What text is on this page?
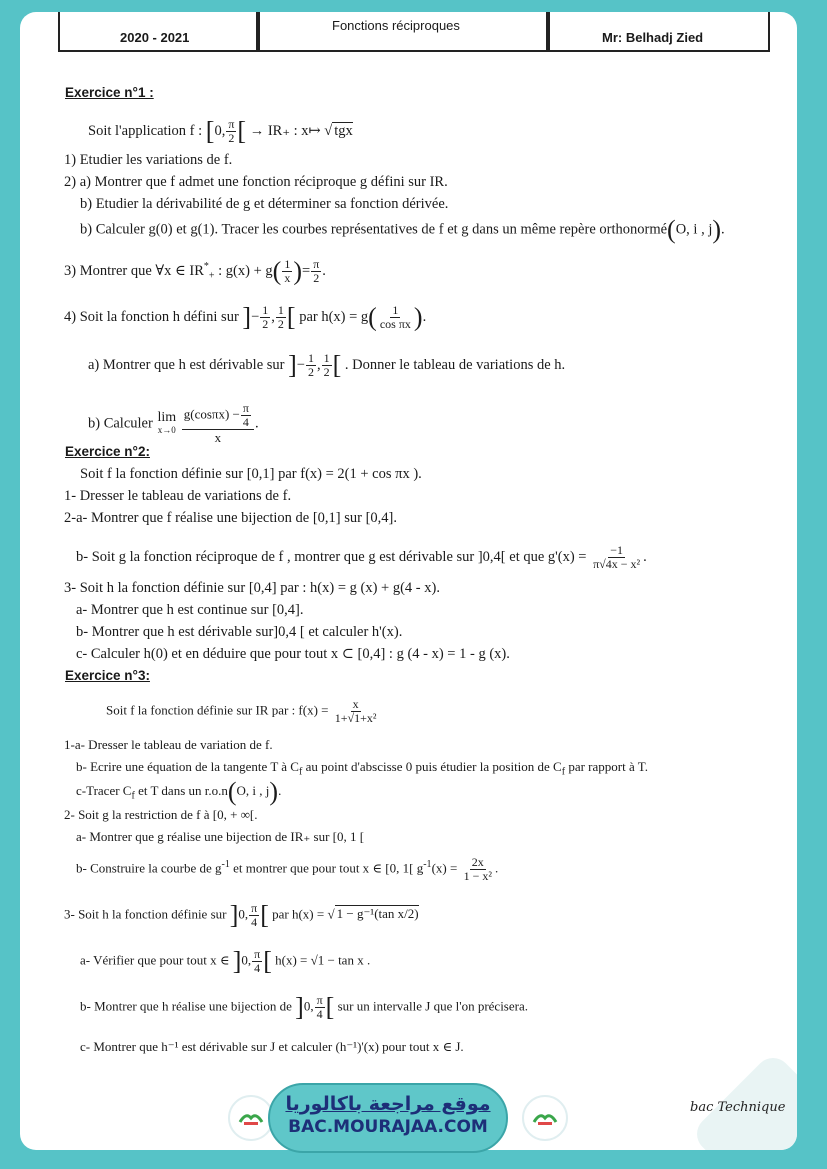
2020 - 2021
Fonctions réciproques
Mr: Belhadj Zied
Exercice n°1 :
Soit l'application f : [0, $\frac{\pi}{2}$ [ → IR₊ : x↦ √ tgx
1) Etudier les variations de f.
2) a) Montrer que f admet une fonction réciproque g défini sur IR.
b) Etudier la dérivabilité de g et déterminer sa fonction dérivée.
b) Calculer g(0) et g(1). Tracer les courbes représentatives de f et g dans un même repère orthonormé(O, i , j).
3) Montrer que ∀x ∈ $IR^*_+$ : $g(x) + g( \frac{1}{x}$ )= $\frac{\pi}{2}$ .
4) Soit la fonction h défini sur ]− $\frac{1}{2}$ , $\frac{1}{2}$ [ par $h(x) = g( \frac{1}{\text{cos πx}}$ ).
a) Montrer que h est dérivable sur ]− $\frac{1}{2}$ , $\frac{1}{2}$ [ . Donner le tableau de variations de h.
b) Calculer lim
x→0
$\frac{g(\cos\pi x) - \frac{\pi}{4}}{x}$ .
Exercice n°2:
Soit f la fonction définie sur [0,1] par f(x) = 2(1 + cos πx ).
1- Dresser le tableau de variations de f.
2-a- Montrer que f réalise une bijection de [0,1] sur [0,4].
b- Soit g la fonction réciproque de f , montrer que g est dérivable sur ]0,4[ et que $g'(x) = \frac{-1}{\text{π√4x − x²}}$ .
3- Soit h la fonction définie sur [0,4] par : h(x) = g (x) + g(4 - x).
a- Montrer que h est continue sur [0,4].
b- Montrer que h est dérivable sur]0,4 [ et calculer h'(x).
c- Calculer h(0) et en déduire que pour tout x ⊂ [0,4] : g (4 - x) = 1 - g (x).
Exercice n°3:
Soit f la fonction définie sur IR par : $f(x) = \frac{x}{\text{1+√1+x²}}$
1-a- Dresser le tableau de variation de f.
b- Ecrire une équation de la tangente T à $C_f$ au point d'abscisse 0 puis étudier la position de $C_f$ par rapport à T.
c-Tracer $C_f$ et T dans un r.o.n(O, i , j).
2- Soit g la restriction de f à [0, + ∞[.
a- Montrer que g réalise une bijection de IR₊ sur [0, 1 [
b- Construire la courbe de $g^{-1}$ et montrer que pour tout x ∈ [0, 1[ $g^{-1}(x) = \frac{2x}{\text{1 − x²}}$ .
3- Soit h la fonction définie sur ]0, $\frac{\pi}{4}$ [ par h(x) = √ 1 − g⁻¹(tan x/2)
a- Vérifier que pour tout x ∈ ]0, $\frac{\pi}{4}$ [ h(x) = √1 − tan x .
b- Montrer que h réalise une bijection de ]0, $\frac{\pi}{4}$ [ sur un intervalle J que l'on précisera.
c- Montrer que h⁻¹ est dérivable sur J et calculer (h⁻¹)'(x) pour tout x ∈ J.
موقع مراجعة باكالوريا
BAC.MOURAJAA.COM
bac Technique
